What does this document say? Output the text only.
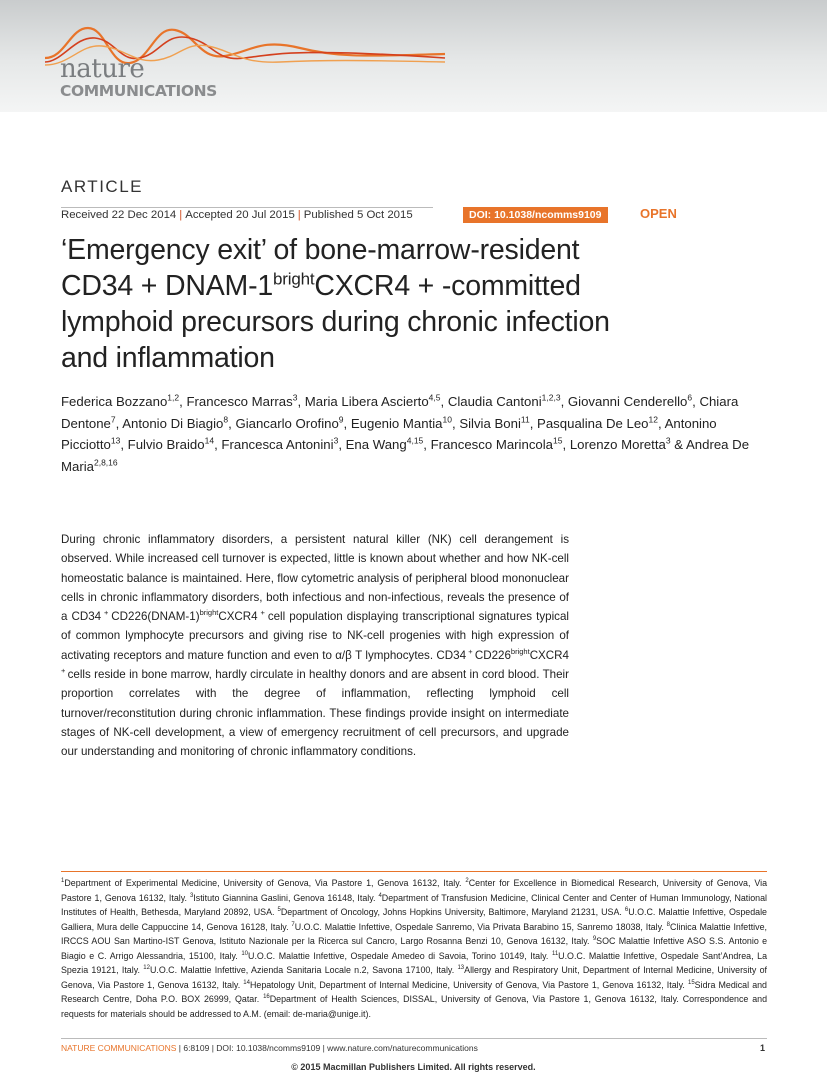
nature
COMMUNICATIONS
ARTICLE
Received 22 Dec 2014 | Accepted 20 Jul 2015 | Published 5 Oct 2015	DOI: 10.1038/ncomms9109	OPEN
‘Emergency exit’ of bone-marrow-resident
CD34 + DNAM-$1^{bright}CXCR4$ + -committed
lymphoid precursors during chronic infection
and inflammation
Federica Bozzano$^{1,2}$, Francesco Marras$^3$, Maria Libera Ascierto$^{4,5}$, Claudia Cantoni$^{1,2,3}$, Giovanni Cenderello$^6$, Chiara Dentone$^7$, Antonio Di Biagio$^8$, Giancarlo Orofino$^9$, Eugenio Mantia$^{10}$, Silvia Boni$^{11}$, Pasqualina De Leo$^{12}$, Antonino Picciotto$^{13}$, Fulvio Braido$^{14}$, Francesca Antonini$^3$, Ena Wang$^{4,15}$, Francesco Marincola$^{15}$, Lorenzo Moretta$^3$ & Andrea De Maria$^{2,8,16}$
During chronic inflammatory disorders, a persistent natural killer (NK) cell derangement is observed. While increased cell turnover is expected, little is known about whether and how NK-cell homeostatic balance is maintained. Here, flow cytometric analysis of peripheral blood mononuclear cells in chronic inflammatory disorders, both infectious and non-infectious, reveals the presence of a CD34 + CD226(DNAM-1)$^{bright}$CXCR4 + cell population displaying transcriptional signatures typical of common lymphocyte precursors and giving rise to NK-cell progenies with high expression of activating receptors and mature function and even to α/β T lymphocytes. CD34 + $CD226^{bright}CXCR4$ + cells reside in bone marrow, hardly circulate in healthy donors and are absent in cord blood. Their proportion correlates with the degree of inflammation, reflecting lymphoid cell turnover/reconstitution during chronic inflammation. These findings provide insight on intermediate stages of NK-cell development, a view of emergency recruitment of cell precursors, and upgrade our understanding and monitoring of chronic inflammatory conditions.
$^1$Department of Experimental Medicine, University of Genova, Via Pastore 1, Genova 16132, Italy. $^2$Center for Excellence in Biomedical Research, University of Genova, Via Pastore 1, Genova 16132, Italy. $^3$Istituto Giannina Gaslini, Genova 16148, Italy. $^4$Department of Transfusion Medicine, Clinical Center and Center of Human Immunology, National Institutes of Health, Bethesda, Maryland 20892, USA. $^5$Department of Oncology, Johns Hopkins University, Baltimore, Maryland 21231, USA. $^6$U.O.C. Malattie Infettive, Ospedale Galliera, Mura delle Cappuccine 14, Genova 16128, Italy. $^7$U.O.C. Malattie Infettive, Ospedale Sanremo, Via Privata Barabino 15, Sanremo 18038, Italy. $^8$Clinica Malattie Infettive, IRCCS AOU San Martino-IST Genova, Istituto Nazionale per la Ricerca sul Cancro, Largo Rosanna Benzi 10, Genova 16132, Italy. $^9$SOC Malattie Infettive ASO S.S. Antonio e Biagio e C. Arrigo Alessandria, 15100, Italy. $^{10}$U.O.C. Malattie Infettive, Ospedale Amedeo di Savoia, Torino 10149, Italy. $^{11}$U.O.C. Malattie Infettive, Ospedale Sant’Andrea, La Spezia 19121, Italy. $^{12}$U.O.C. Malattie Infettive, Azienda Sanitaria Locale n.2, Savona 17100, Italy. $^{13}$Allergy and Respiratory Unit, Department of Internal Medicine, University of Genova, Via Pastore 1, Genova 16132, Italy. $^{14}$Hepatology Unit, Department of Internal Medicine, University of Genova, Via Pastore 1, Genova 16132, Italy. $^{15}$Sidra Medical and Research Centre, Doha P.O. BOX 26999, Qatar. $^{16}$Department of Health Sciences, DISSAL, University of Genova, Via Pastore 1, Genova 16132, Italy. Correspondence and requests for materials should be addressed to A.M. (email: de-maria@unige.it).
NATURE COMMUNICATIONS | 6:8109 | DOI: 10.1038/ncomms9109 | www.nature.com/naturecommunications	1
© 2015 Macmillan Publishers Limited. All rights reserved.
